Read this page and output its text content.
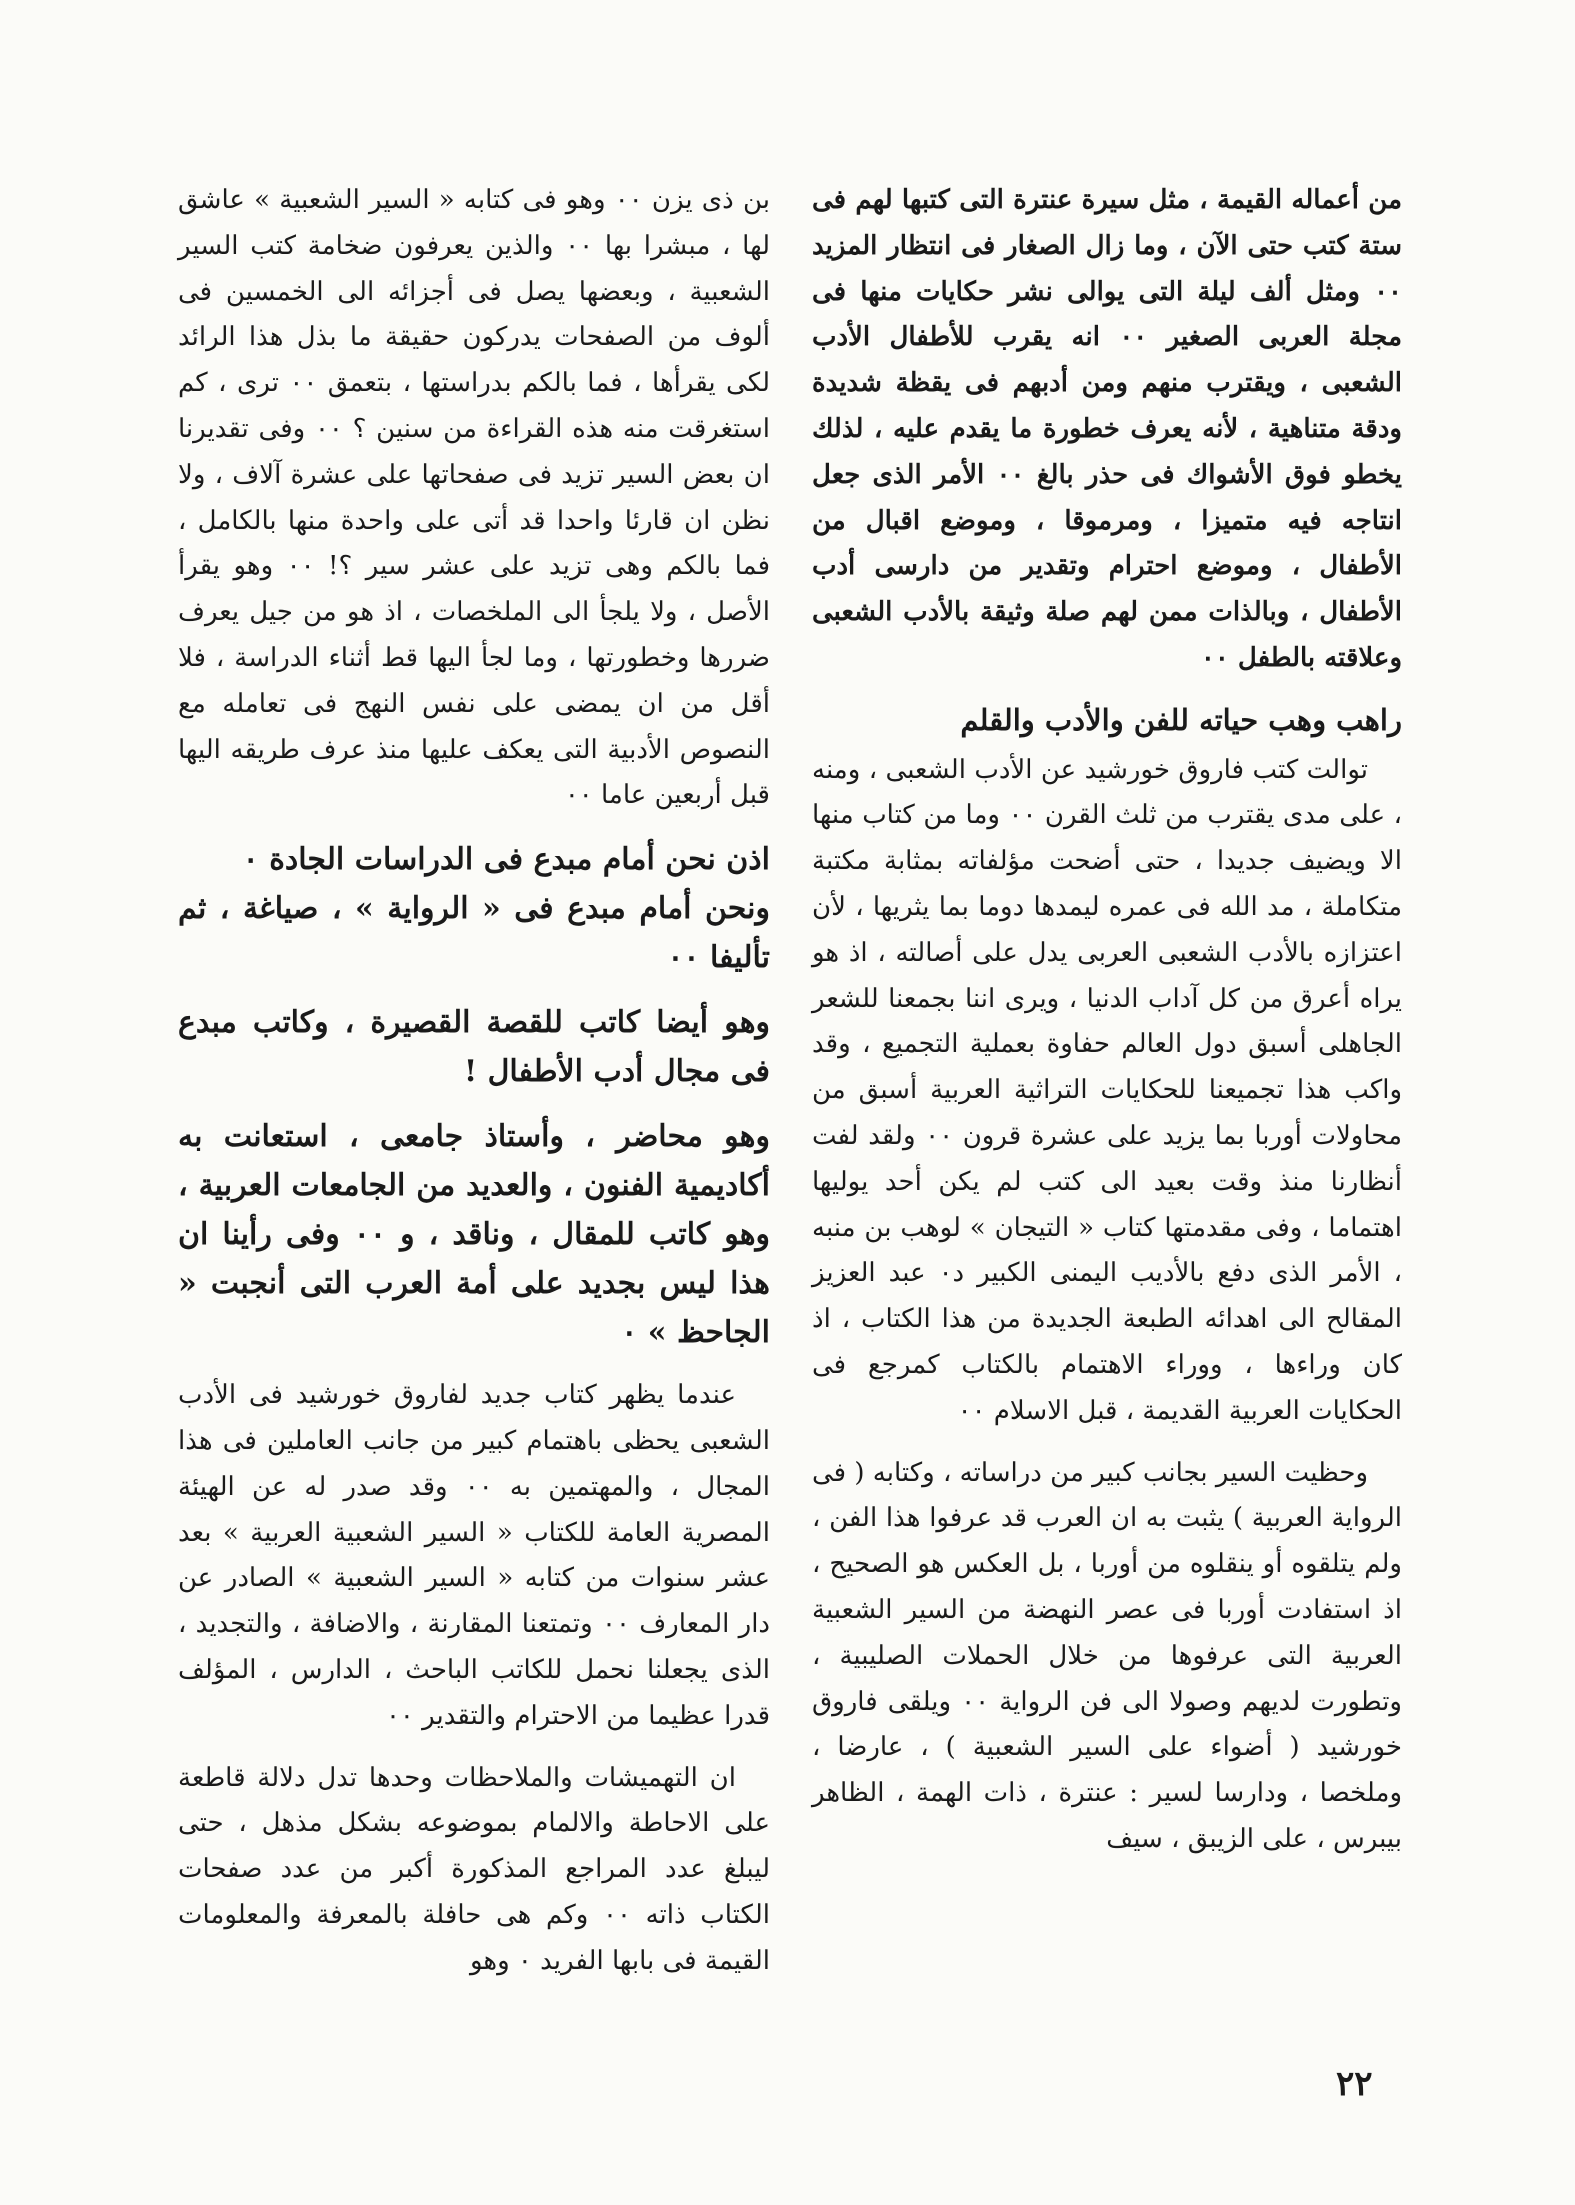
من أعماله القيمة ، مثل سيرة عنترة التى كتبها لهم فى ستة كتب حتى الآن ، وما زال الصغار فى انتظار المزيد ٠٠ ومثل ألف ليلة التى يوالى نشر حكايات منها فى مجلة العربى الصغير ٠٠ انه يقرب للأطفال الأدب الشعبى ، ويقترب منهم ومن أدبهم فى يقظة شديدة ودقة متناهية ، لأنه يعرف خطورة ما يقدم عليه ، لذلك يخطو فوق الأشواك فى حذر بالغ ٠٠ الأمر الذى جعل انتاجه فيه متميزا ، ومرموقا ، وموضع اقبال من الأطفال ، وموضع احترام وتقدير من دارسى أدب الأطفال ، وبالذات ممن لهم صلة وثيقة بالأدب الشعبى وعلاقته بالطفل ٠٠

راهب وهب حياته للفن والأدب والقلم

توالت كتب فاروق خورشيد عن الأدب الشعبى ، ومنه ، على مدى يقترب من ثلث القرن ٠٠ وما من كتاب منها الا ويضيف جديدا ، حتى أضحت مؤلفاته بمثابة مكتبة متكاملة ، مد الله فى عمره ليمدها دوما بما يثريها ، لأن اعتزازه بالأدب الشعبى العربى يدل على أصالته ، اذ هو يراه أعرق من كل آداب الدنيا ، ويرى اننا بجمعنا للشعر الجاهلى أسبق دول العالم حفاوة بعملية التجميع ، وقد واكب هذا تجميعنا للحكايات التراثية العربية أسبق من محاولات أوربا بما يزيد على عشرة قرون ٠٠ ولقد لفت أنظارنا منذ وقت بعيد الى كتب لم يكن أحد يوليها اهتماما ، وفى مقدمتها كتاب « التيجان » لوهب بن منبه ، الأمر الذى دفع بالأديب اليمنى الكبير د٠ عبد العزيز المقالح الى اهدائه الطبعة الجديدة من هذا الكتاب ، اذ كان وراءها ، ووراء الاهتمام بالكتاب كمرجع فى الحكايات العربية القديمة ، قبل الاسلام ٠٠

وحظيت السير بجانب كبير من دراساته ، وكتابه ( فى الرواية العربية ) يثبت به ان العرب قد عرفوا هذا الفن ، ولم يتلقوه أو ينقلوه من أوربا ، بل العكس هو الصحيح ، اذ استفادت أوربا فى عصر النهضة من السير الشعبية العربية التى عرفوها من خلال الحملات الصليبية ، وتطورت لديهم وصولا الى فن الرواية ٠٠ ويلقى فاروق خورشيد ( أضواء على السير الشعبية ) ، عارضا ، وملخصا ، ودارسا لسير : عنترة ، ذات الهمة ، الظاهر بيبرس ، على الزيبق ، سيف

بن ذى يزن ٠٠ وهو فى كتابه « السير الشعبية » عاشق لها ، مبشرا بها ٠٠ والذين يعرفون ضخامة كتب السير الشعبية ، وبعضها يصل فى أجزائه الى الخمسين فى ألوف من الصفحات يدركون حقيقة ما بذل هذا الرائد لكى يقرأها ، فما بالكم بدراستها ، بتعمق ٠٠ ترى ، كم استغرقت منه هذه القراءة من سنين ؟ ٠٠ وفى تقديرنا ان بعض السير تزيد فى صفحاتها على عشرة آلاف ، ولا نظن ان قارئا واحدا قد أتى على واحدة منها بالكامل ، فما بالكم وهى تزيد على عشر سير ؟! ٠٠ وهو يقرأ الأصل ، ولا يلجأ الى الملخصات ، اذ هو من جيل يعرف ضررها وخطورتها ، وما لجأ اليها قط أثناء الدراسة ، فلا أقل من ان يمضى على نفس النهج فى تعامله مع النصوص الأدبية التى يعكف عليها منذ عرف طريقه اليها قبل أربعين عاما ٠٠

اذن نحن أمام مبدع فى الدراسات الجادة ٠

ونحن أمام مبدع فى « الرواية » ، صياغة ، ثم تأليفا ٠٠

وهو أيضا كاتب للقصة القصيرة ، وكاتب مبدع فى مجال أدب الأطفال !

وهو محاضر ، وأستاذ جامعى ، استعانت به أكاديمية الفنون ، والعديد من الجامعات العربية ، وهو كاتب للمقال ، وناقد ، و ٠٠ وفى رأينا ان هذا ليس بجديد على أمة العرب التى أنجبت « الجاحظ » ٠

عندما يظهر كتاب جديد لفاروق خورشيد فى الأدب الشعبى يحظى باهتمام كبير من جانب العاملين فى هذا المجال ، والمهتمين به ٠٠ وقد صدر له عن الهيئة المصرية العامة للكتاب « السير الشعبية العربية » بعد عشر سنوات من كتابه « السير الشعبية » الصادر عن دار المعارف ٠٠ وتمتعنا المقارنة ، والاضافة ، والتجديد ، الذى يجعلنا نحمل للكاتب الباحث ، الدارس ، المؤلف قدرا عظيما من الاحترام والتقدير ٠٠

ان التهميشات والملاحظات وحدها تدل دلالة قاطعة على الاحاطة والالمام بموضوعه بشكل مذهل ، حتى ليبلغ عدد المراجع المذكورة أكبر من عدد صفحات الكتاب ذاته ٠٠ وكم هى حافلة بالمعرفة والمعلومات القيمة فى بابها الفريد ٠ وهو

٢٢
